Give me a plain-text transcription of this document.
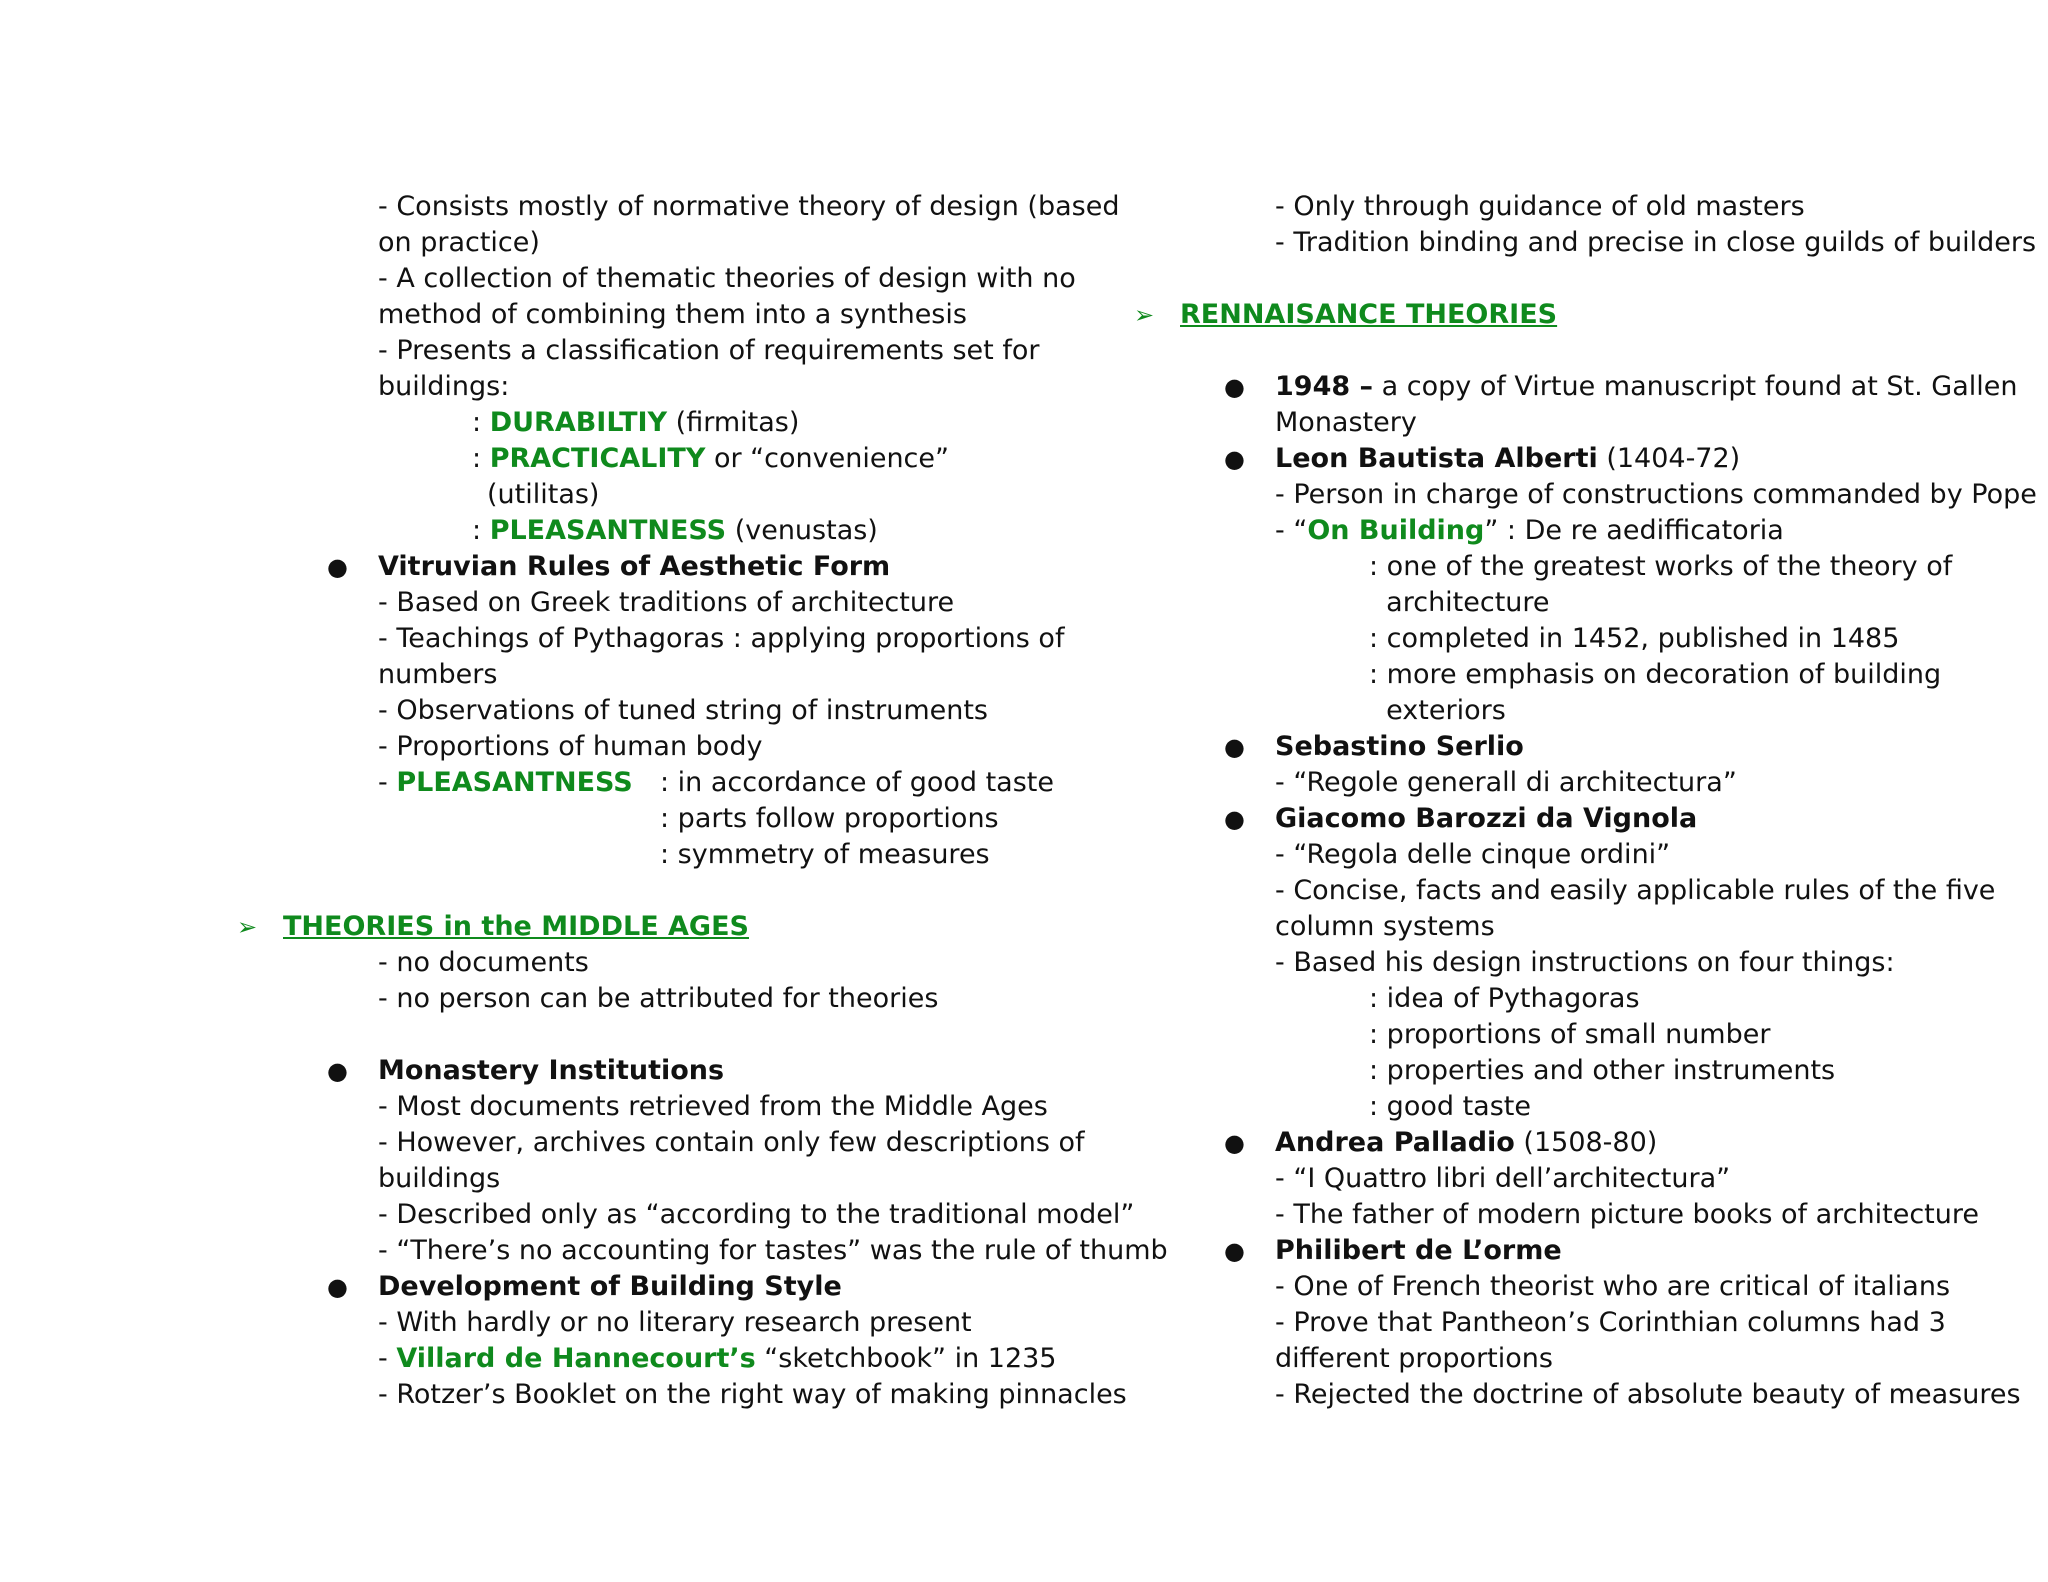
- Consists mostly of normative theory of design (based
on practice)
- A collection of thematic theories of design with no
method of combining them into a synthesis
- Presents a classification of requirements set for
buildings:
: DURABILTIY (firmitas)
: PRACTICALITY or “convenience”
(utilitas)
: PLEASANTNESS (venustas)
● Vitruvian Rules of Aesthetic Form
- Based on Greek traditions of architecture
- Teachings of Pythagoras : applying proportions of
numbers
- Observations of tuned string of instruments
- Proportions of human body
- PLEASANTNESS : in accordance of good taste
: parts follow proportions
: symmetry of measures
➢ THEORIES in the MIDDLE AGES
- no documents
- no person can be attributed for theories
● Monastery Institutions
- Most documents retrieved from the Middle Ages
- However, archives contain only few descriptions of
buildings
- Described only as “according to the traditional model”
- “There’s no accounting for tastes” was the rule of thumb
● Development of Building Style
- With hardly or no literary research present
- Villard de Hannecourt’s “sketchbook” in 1235
- Rotzer’s Booklet on the right way of making pinnacles
- Only through guidance of old masters
- Tradition binding and precise in close guilds of builders
➢ RENNAISANCE THEORIES
● 1948 – a copy of Virtue manuscript found at St. Gallen
Monastery
● Leon Bautista Alberti (1404-72)
- Person in charge of constructions commanded by Pope
- “On Building” : De re aedifficatoria
: one of the greatest works of the theory of
architecture
: completed in 1452, published in 1485
: more emphasis on decoration of building
exteriors
● Sebastino Serlio
- “Regole generall di architectura”
● Giacomo Barozzi da Vignola
- “Regola delle cinque ordini”
- Concise, facts and easily applicable rules of the five
column systems
- Based his design instructions on four things:
: idea of Pythagoras
: proportions of small number
: properties and other instruments
: good taste
● Andrea Palladio (1508-80)
- “I Quattro libri dell’architectura”
- The father of modern picture books of architecture
● Philibert de L’orme
- One of French theorist who are critical of italians
- Prove that Pantheon’s Corinthian columns had 3
different proportions
- Rejected the doctrine of absolute beauty of measures
